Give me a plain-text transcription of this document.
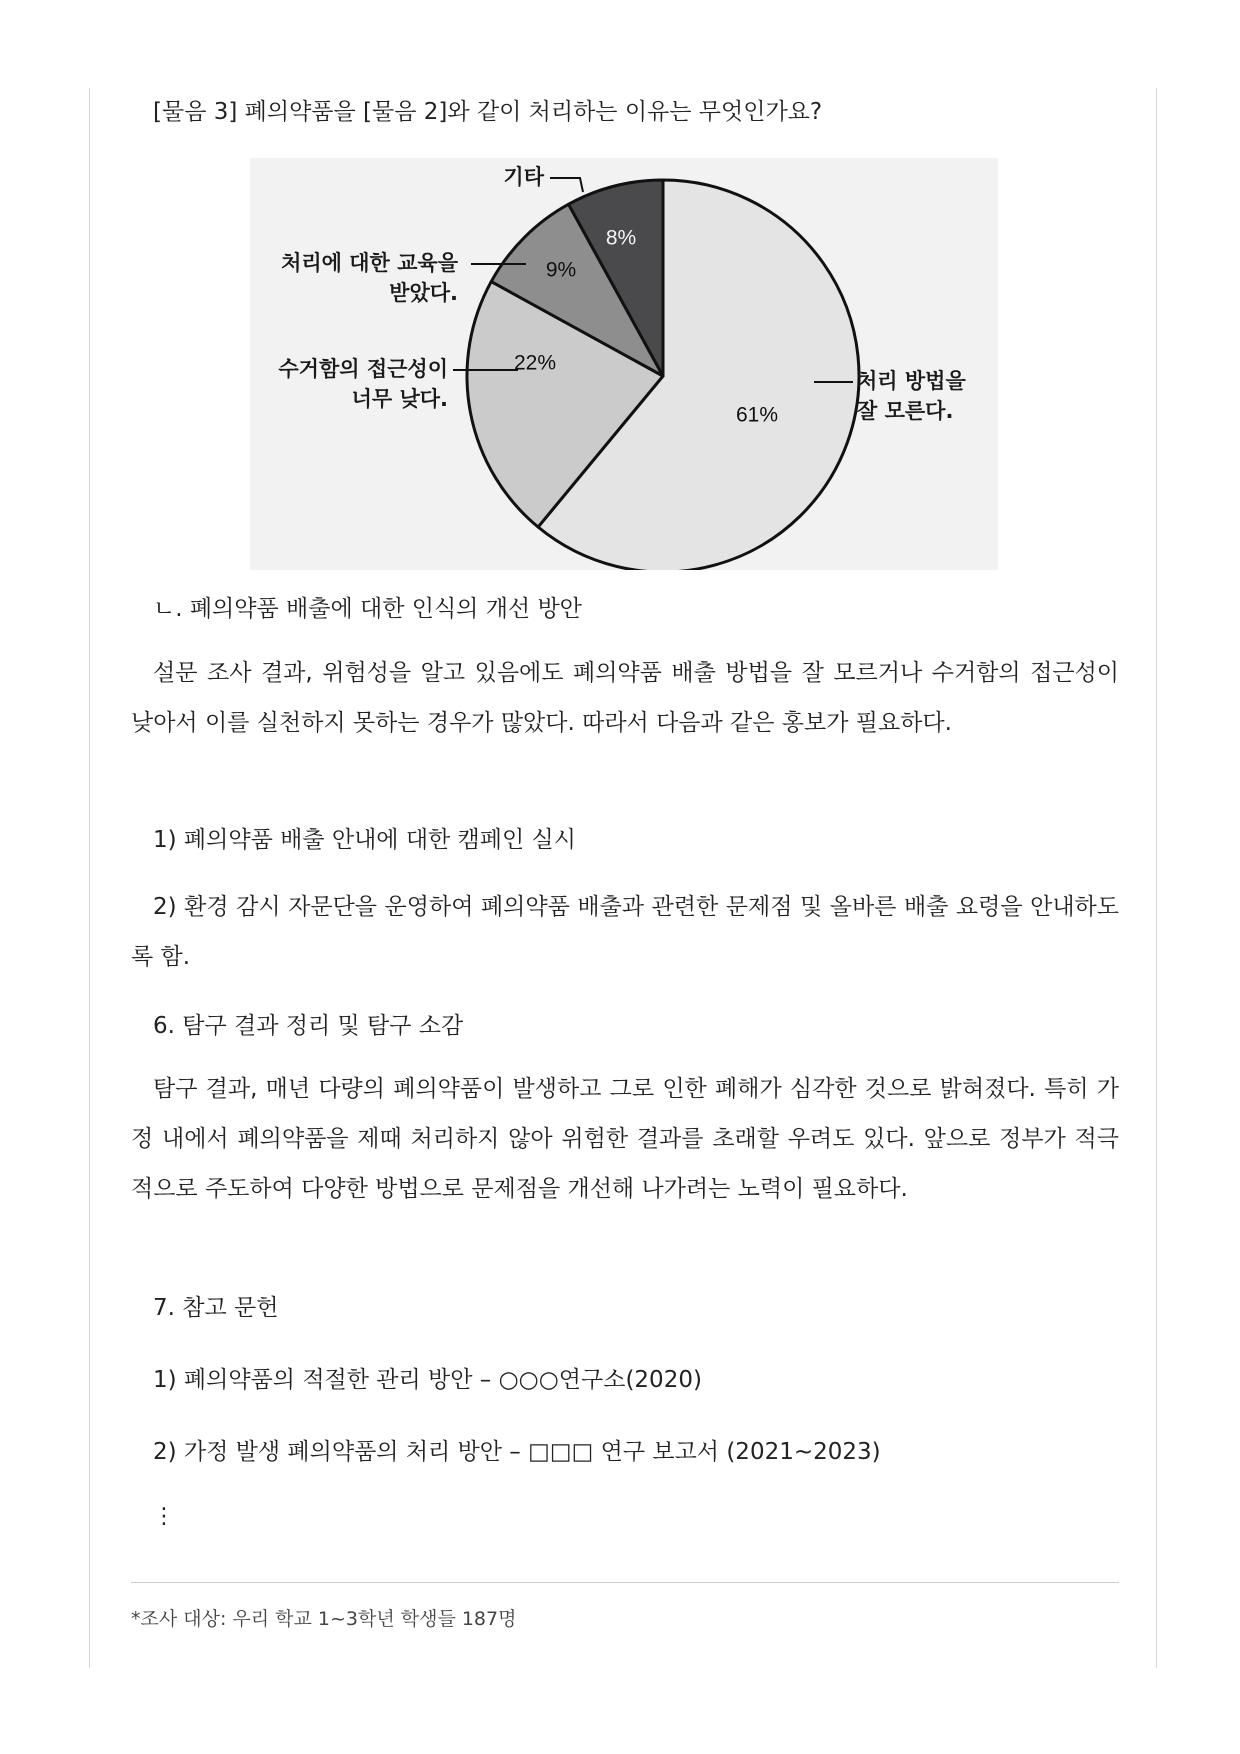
[물음 3] 폐의약품을 [물음 2]와 같이 처리하는 이유는 무엇인가요?
ㄴ. 폐의약품 배출에 대한 인식의 개선 방안
설문 조사 결과, 위험성을 알고 있음에도 폐의약품 배출 방법을 잘 모르거나 수거함의 접근성이 낮아서 이를 실천하지 못하는 경우가 많았다. 따라서 다음과 같은 홍보가 필요하다.
1) 폐의약품 배출 안내에 대한 캠페인 실시
2) 환경 감시 자문단을 운영하여 폐의약품 배출과 관련한 문제점 및 올바른 배출 요령을 안내하도록 함.
6. 탐구 결과 정리 및 탐구 소감
탐구 결과, 매년 다량의 폐의약품이 발생하고 그로 인한 폐해가 심각한 것으로 밝혀졌다. 특히 가정 내에서 폐의약품을 제때 처리하지 않아 위험한 결과를 초래할 우려도 있다. 앞으로 정부가 적극적으로 주도하여 다양한 방법으로 문제점을 개선해 나가려는 노력이 필요하다.
7. 참고 문헌
1) 폐의약품의 적절한 관리 방안 – ○○○연구소(2020)
2) 가정 발생 폐의약품의 처리 방안 – □□□ 연구 보고서 (2021~2023)
⋮
61%
처리 방법을
잘 모른다.
22%
수거함의 접근성이
너무 낮다.
9%
처리에 대한 교육을
받았다.
8%
기타
*조사 대상: 우리 학교 1~3학년 학생들 187명
